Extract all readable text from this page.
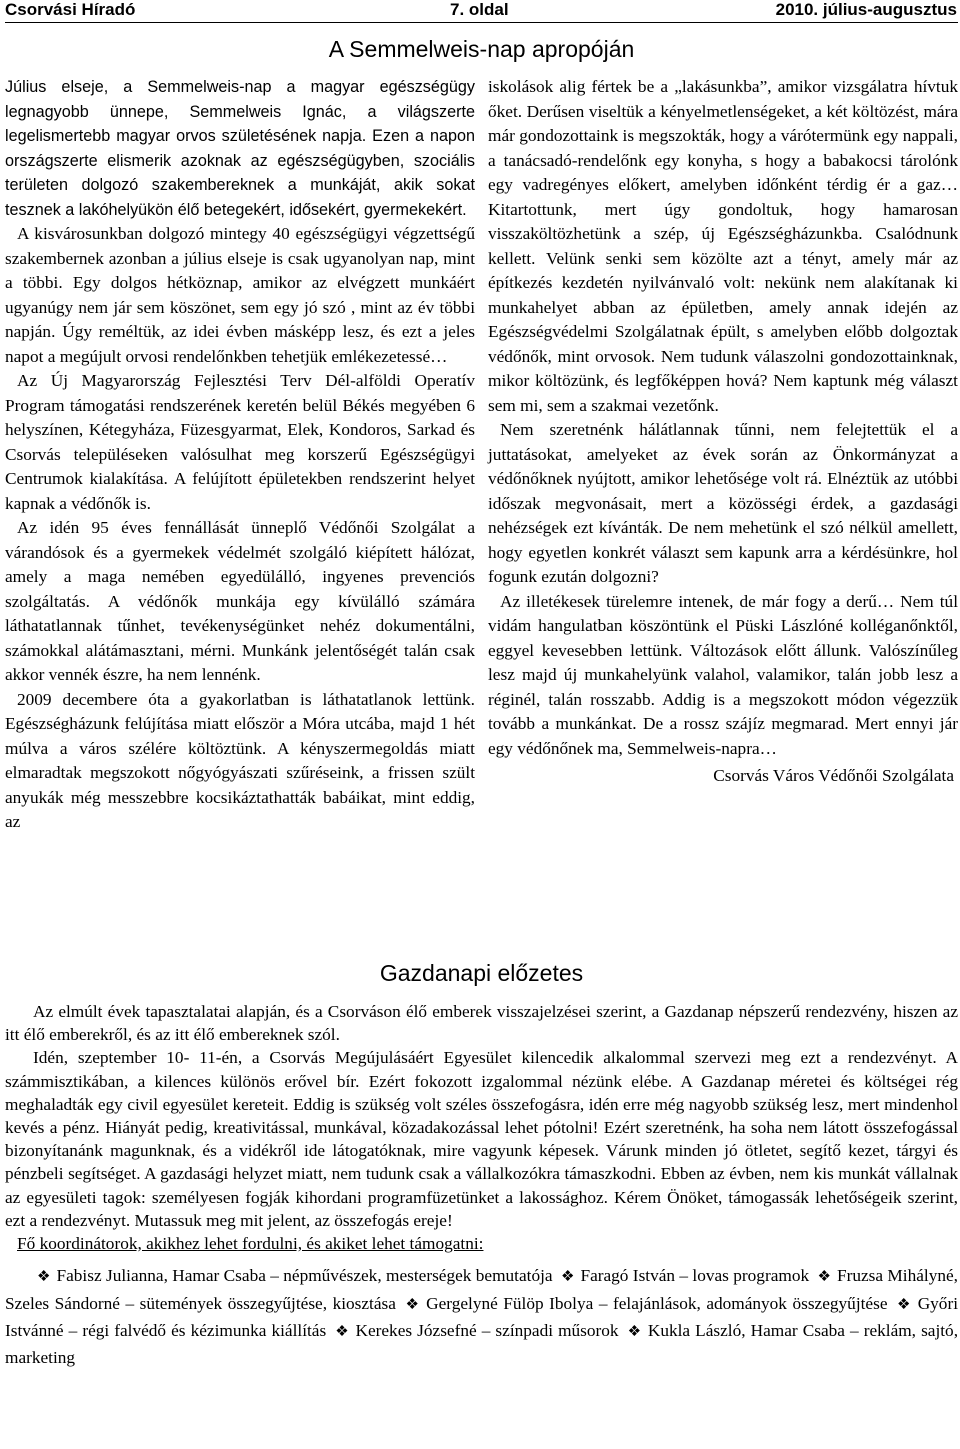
Csorvási Híradó	7. oldal	2010. július-augusztus
A Semmelweis-nap apropóján

Július elseje, a Semmelweis-nap a magyar egészségügy legnagyobb ünnepe, Semmelweis Ignác, a világszerte legelismertebb magyar orvos születésének napja. Ezen a napon országszerte elismerik azoknak az egészségügyben, szociális területen dolgozó szakembereknek a munkáját, akik sokat tesznek a lakóhelyükön élő betegekért, idősekért, gyermekekért.

A kisvárosunkban dolgozó mintegy 40 egészségügyi végzettségű szakembernek azonban a július elseje is csak ugyanolyan nap, mint a többi. Egy dolgos hétköznap, amikor az elvégzett munkáért ugyanúgy nem jár sem köszönet, sem egy jó szó , mint az év többi napján. Úgy reméltük, az idei évben másképp lesz, és ezt a jeles napot a megújult orvosi rendelőnkben tehetjük emlékezetessé…

Az Új Magyarország Fejlesztési Terv Dél-alföldi Operatív Program támogatási rendszerének keretén belül Békés megyében 6 helyszínen, Kétegyháza, Füzesgyarmat, Elek, Kondoros, Sarkad és Csorvás településeken valósulhat meg korszerű Egészségügyi Centrumok kialakítása. A felújított épületekben rendszerint helyet kapnak a védőnők is.

Az idén 95 éves fennállását ünneplő Védőnői Szolgálat a várandósok és a gyermekek védelmét szolgáló kiépített hálózat, amely a maga nemében egyedülálló, ingyenes prevenciós szolgáltatás. A védőnők munkája egy kívülálló számára láthatatlannak tűnhet, tevékenységünket nehéz dokumentálni, számokkal alátámasztani, mérni. Munkánk jelentőségét talán csak akkor vennék észre, ha nem lennénk.

2009 decembere óta a gyakorlatban is láthatatlanok lettünk. Egészségházunk felújítása miatt először a Móra utcába, majd 1 hét múlva a város szélére költöztünk. A kényszermegoldás miatt elmaradtak megszokott nőgyógyászati szűréseink, a frissen szült anyukák még messzebbre kocsikáztathatták babáikat, mint eddig, az

iskolások alig fértek be a „lakásunkba”, amikor vizsgálatra hívtuk őket. Derűsen viseltük a kényelmetlenségeket, a két költözést, mára már gondozottaink is megszokták, hogy a várótermünk egy nappali, a tanácsadó-rendelőnk egy konyha, s hogy a babakocsi tárolónk egy vadregényes előkert, amelyben időnként térdig ér a gaz… Kitartottunk, mert úgy gondoltuk, hogy hamarosan visszaköltözhetünk a szép, új Egészségházunkba. Csalódnunk kellett. Velünk senki sem közölte azt a tényt, amely már az építkezés kezdetén nyilvánvaló volt: nekünk nem alakítanak ki munkahelyet abban az épületben, amely annak idején az Egészségvédelmi Szolgálatnak épült, s amelyben előbb dolgoztak védőnők, mint orvosok. Nem tudunk válaszolni gondozottainknak, mikor költözünk, és legfőképpen hová? Nem kaptunk még választ sem mi, sem a szakmai vezetőnk.

Nem szeretnénk hálátlannak tűnni, nem felejtettük el a juttatásokat, amelyeket az évek során az Önkormányzat a védőnőknek nyújtott, amikor lehetősége volt rá. Elnéztük az utóbbi időszak megvonásait, mert a közösségi érdek, a gazdasági nehézségek ezt kívánták. De nem mehetünk el szó nélkül amellett, hogy egyetlen konkrét választ sem kapunk arra a kérdésünkre, hol fogunk ezután dolgozni?

Az illetékesek türelemre intenek, de már fogy a derű… Nem túl vidám hangulatban köszöntünk el Püski Lászlóné kolléganőnktől, eggyel kevesebben lettünk. Változások előtt állunk. Valószínűleg lesz majd új munkahelyünk valahol, valamikor, talán jobb lesz a réginél, talán rosszabb. Addig is a megszokott módon végezzük tovább a munkánkat. De a rossz szájíz megmarad. Mert ennyi jár egy védőnőnek ma, Semmelweis-napra…

Csorvás Város Védőnői Szolgálata

Gazdanapi előzetes

Az elmúlt évek tapasztalatai alapján, és a Csorváson élő emberek visszajelzései szerint, a Gazdanap népszerű rendezvény, hiszen az itt élő emberekről, és az itt élő embereknek szól.

Idén, szeptember 10- 11-én, a Csorvás Megújulásáért Egyesület kilencedik alkalommal szervezi meg ezt a rendezvényt. A számmisztikában, a kilences különös erővel bír. Ezért fokozott izgalommal nézünk elébe. A Gazdanap méretei és költségei rég meghaladták egy civil egyesület kereteit. Eddig is szükség volt széles összefogásra, idén erre még nagyobb szükség lesz, mert mindenhol kevés a pénz. Hiányát pedig, kreativitással, munkával, közadakozással lehet pótolni! Ezért szeretnénk, ha soha nem látott összefogással bizonyítanánk magunknak, és a vidékről ide látogatóknak, mire vagyunk képesek. Várunk minden jó ötletet, segítő kezet, tárgyi és pénzbeli segítséget. A gazdasági helyzet miatt, nem tudunk csak a vállalkozókra támaszkodni. Ebben az évben, nem kis munkát vállalnak az egyesületi tagok: személyesen fogják kihordani programfüzetünket a lakossághoz. Kérem Önöket, támogassák lehetőségeik szerint, ezt a rendezvényt. Mutassuk meg mit jelent, az összefogás ereje!

Fő koordinátorok, akikhez lehet fordulni, és akiket lehet támogatni:

❖ Fabisz Julianna, Hamar Csaba – népművészek, mesterségek bemutatója ❖ Faragó István – lovas programok ❖ Fruzsa Mihályné, Szeles Sándorné – sütemények összegyűjtése, kiosztása ❖ Gergelyné Fülöp Ibolya – felajánlások, adományok összegyűjtése ❖ Győri Istvánné – régi falvédő és kézimunka kiállítás ❖ Kerekes Józsefné – színpadi műsorok ❖ Kukla László, Hamar Csaba – reklám, sajtó, marketing
